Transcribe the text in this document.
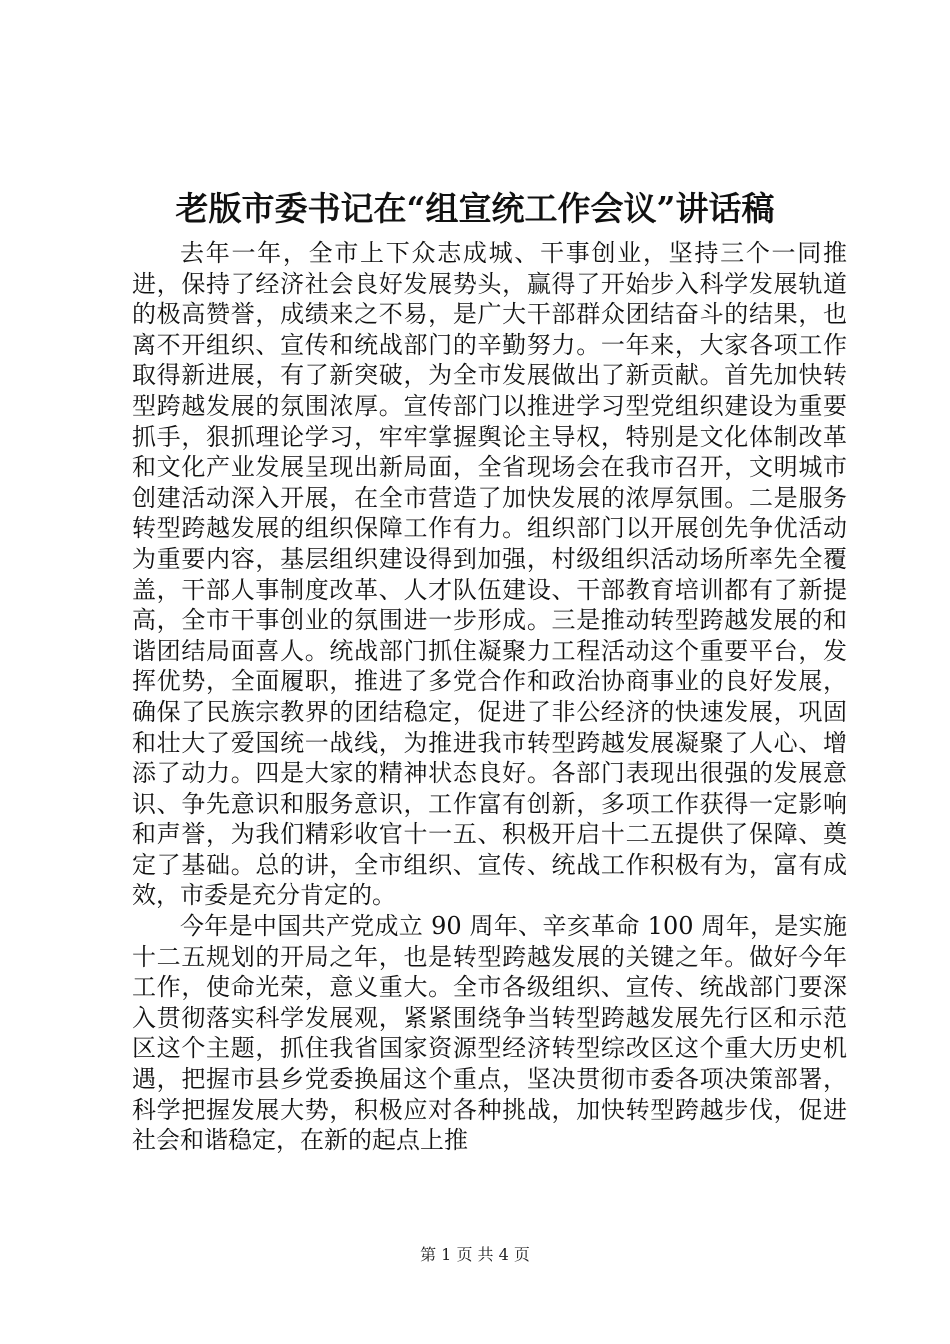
老版市委书记在“组宣统工作会议”讲话稿

去年一年，全市上下众志成城、干事创业，坚持三个一同推进，保持了经济社会良好发展势头，赢得了开始步入科学发展轨道的极高赞誉，成绩来之不易，是广大干部群众团结奋斗的结果，也离不开组织、宣传和统战部门的辛勤努力。一年来，大家各项工作取得新进展，有了新突破，为全市发展做出了新贡献。首先加快转型跨越发展的氛围浓厚。宣传部门以推进学习型党组织建设为重要抓手，狠抓理论学习，牢牢掌握舆论主导权，特别是文化体制改革和文化产业发展呈现出新局面，全省现场会在我市召开，文明城市创建活动深入开展，在全市营造了加快发展的浓厚氛围。二是服务转型跨越发展的组织保障工作有力。组织部门以开展创先争优活动为重要内容，基层组织建设得到加强，村级组织活动场所率先全覆盖，干部人事制度改革、人才队伍建设、干部教育培训都有了新提高，全市干事创业的氛围进一步形成。三是推动转型跨越发展的和谐团结局面喜人。统战部门抓住凝聚力工程活动这个重要平台，发挥优势，全面履职，推进了多党合作和政治协商事业的良好发展，确保了民族宗教界的团结稳定，促进了非公经济的快速发展，巩固和壮大了爱国统一战线，为推进我市转型跨越发展凝聚了人心、增添了动力。四是大家的精神状态良好。各部门表现出很强的发展意识、争先意识和服务意识，工作富有创新，多项工作获得一定影响和声誉，为我们精彩收官十一五、积极开启十二五提供了保障、奠定了基础。总的讲，全市组织、宣传、统战工作积极有为，富有成效，市委是充分肯定的。

今年是中国共产党成立 90 周年、辛亥革命 100 周年，是实施十二五规划的开局之年，也是转型跨越发展的关键之年。做好今年工作，使命光荣，意义重大。全市各级组织、宣传、统战部门要深入贯彻落实科学发展观，紧紧围绕争当转型跨越发展先行区和示范区这个主题，抓住我省国家资源型经济转型综改区这个重大历史机遇，把握市县乡党委换届这个重点，坚决贯彻市委各项决策部署，科学把握发展大势，积极应对各种挑战，加快转型跨越步伐，促进社会和谐稳定，在新的起点上推

第 1 页 共 4 页
